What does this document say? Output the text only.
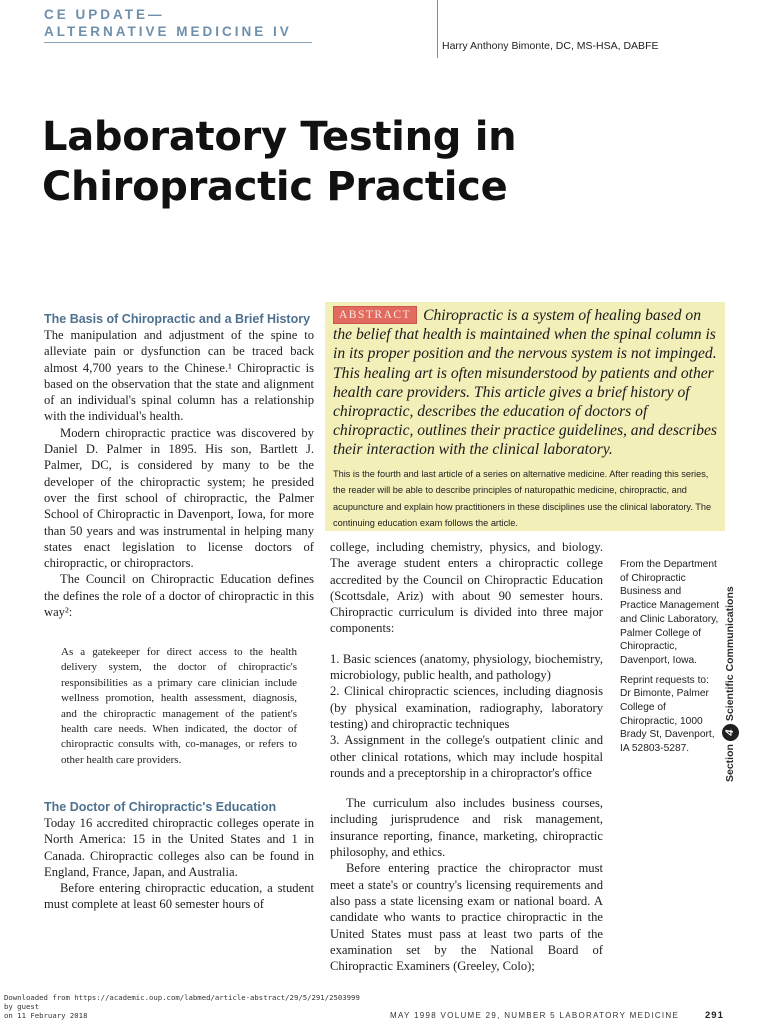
CE UPDATE—
ALTERNATIVE MEDICINE IV
Harry Anthony Bimonte, DC, MS-HSA, DABFE
Laboratory Testing in
Chiropractic Practice

The Basis of Chiropractic and a Brief History

The manipulation and adjustment of the spine to alleviate pain or dysfunction can be traced back almost 4,700 years to the Chinese.¹ Chiropractic is based on the observation that the state and alignment of an individual's spinal column has a relationship with the individual's health.

Modern chiropractic practice was discovered by Daniel D. Palmer in 1895. His son, Bartlett J. Palmer, DC, is considered by many to be the developer of the chiropractic system; he presided over the first school of chiropractic, the Palmer School of Chiropractic in Davenport, Iowa, for more than 50 years and was instrumental in helping many states enact legislation to license doctors of chiropractic, or chiropractors.

The Council on Chiropractic Education defines the defines the role of a doctor of chiropractic in this way²:

As a gatekeeper for direct access to the health delivery system, the doctor of chiropractic's responsibilities as a primary care clinician include wellness promotion, health assessment, diagnosis, and the chiropractic management of the patient's health care needs. When indicated, the doctor of chiropractic consults with, co-manages, or refers to other health care providers.

The Doctor of Chiropractic's Education

Today 16 accredited chiropractic colleges operate in North America: 15 in the United States and 1 in Canada. Chiropractic colleges also can be found in England, France, Japan, and Australia.

Before entering chiropractic education, a student must complete at least 60 semester hours of

ABSTRACT Chiropractic is a system of healing based on the belief that health is maintained when the spinal column is in its proper position and the nervous system is not impinged. This healing art is often misunderstood by patients and other health care providers. This article gives a brief history of chiropractic, describes the education of doctors of chiropractic, outlines their practice guidelines, and describes their interaction with the clinical laboratory.
This is the fourth and last article of a series on alternative medicine. After reading this series, the reader will be able to describe principles of naturopathic medicine, chiropractic, and acupuncture and explain how practitioners in these disciplines use the clinical laboratory. The continuing education exam follows the article.

college, including chemistry, physics, and biology. The average student enters a chiropractic college accredited by the Council on Chiropractic Education (Scottsdale, Ariz) with about 90 semester hours. Chiropractic curriculum is divided into three major components:

1. Basic sciences (anatomy, physiology, biochemistry, microbiology, public health, and pathology)

2. Clinical chiropractic sciences, including diagnosis (by physical examination, radiography, laboratory testing) and chiropractic techniques

3. Assignment in the college's outpatient clinic and other clinical rotations, which may include hospital rounds and a preceptorship in a chiropractor's office

The curriculum also includes business courses, including jurisprudence and risk management, insurance reporting, finance, marketing, chiropractic philosophy, and ethics.

Before entering practice the chiropractor must meet a state's or country's licensing requirements and also pass a state licensing exam or national board. A candidate who wants to practice chiropractic in the United States must pass at least two parts of the examination set by the National Board of Chiropractic Examiners (Greeley, Colo);

From the Department of Chiropractic Business and Practice Management and Clinic Laboratory, Palmer College of Chiropractic, Davenport, Iowa.

Reprint requests to: Dr Bimonte, Palmer College of Chiropractic, 1000 Brady St, Davenport, IA 52803-5287.	Section4Scientific Communications
Downloaded from https://academic.oup.com/labmed/article-abstract/29/5/291/2503999
by guest
on 11 February 2018	MAY 1998 VOLUME 29, NUMBER 5 LABORATORY MEDICINE	291
